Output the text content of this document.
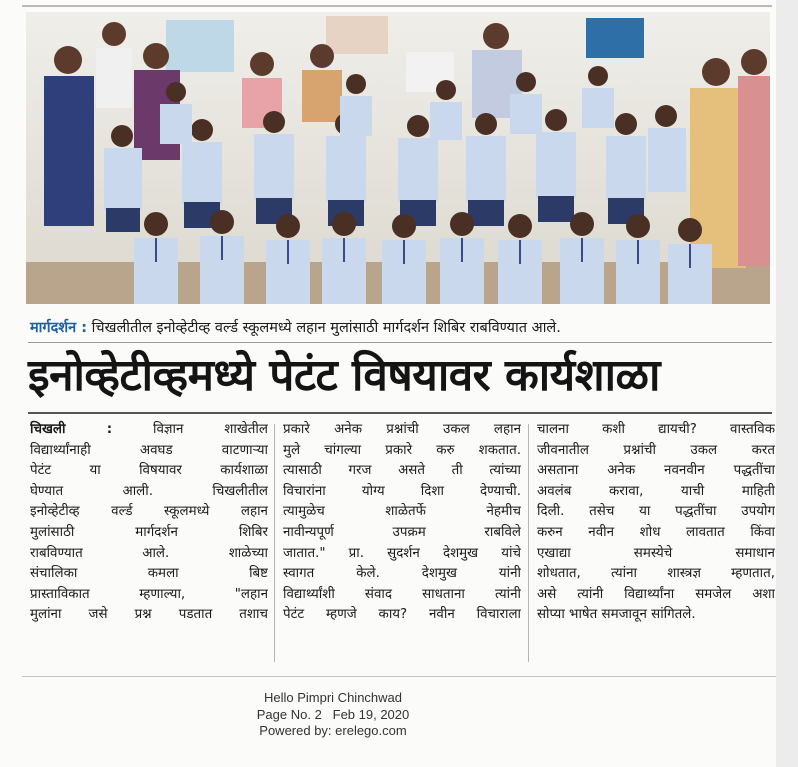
मार्गदर्शन : चिखलीतील इनोव्हेटीव्ह वर्ल्ड स्कूलमध्ये लहान मुलांसाठी मार्गदर्शन शिबिर राबविण्यात आले.
इनोव्हेटीव्हमध्ये पेटंट विषयावर कार्यशाळा
चिखली :	विज्ञान शाखेतील
विद्यार्थ्यांनाही अवघड वाटणाऱ्या
पेटंट या विषयावर कार्यशाळा
घेण्यात आली. चिखलीतील
इनोव्हेटीव्ह वर्ल्ड स्कूलमध्ये लहान
मुलांसाठी मार्गदर्शन शिबिर
राबविण्यात आले. शाळेच्या
संचालिका कमला बिष्ट
प्रास्ताविकात म्हणाल्या, "लहान
मुलांना जसे प्रश्न पडतात तशाच
प्रकारे अनेक प्रश्नांची उकल लहान
मुले चांगल्या प्रकारे करु शकतात.
त्यासाठी गरज असते ती त्यांच्या
विचारांना योग्य दिशा देण्याची.
त्यामुळेच शाळेतर्फे नेहमीच
नावीन्यपूर्ण उपक्रम राबविले
जातात." प्रा. सुदर्शन देशमुख यांचे
स्वागत केले. देशमुख यांनी
विद्यार्थ्यांशी संवाद साधताना त्यांनी
पेटंट म्हणजे काय? नवीन विचाराला
चालना कशी द्यायची? वास्तविक
जीवनातील प्रश्नांची उकल करत
असताना अनेक नवनवीन पद्धतींचा
अवलंब करावा, याची माहिती
दिली. तसेच या पद्धतींचा उपयोग
करुन नवीन शोध लावतात किंवा
एखाद्या समस्येचे समाधान
शोधतात, त्यांना शास्त्रज्ञ म्हणतात,
असे त्यांनी विद्यार्थ्यांना समजेल अशा
सोप्या भाषेत समजावून सांगितले.
Hello Pimpri Chinchwad
Page No. 2   Feb 19, 2020
Powered by: erelego.com
